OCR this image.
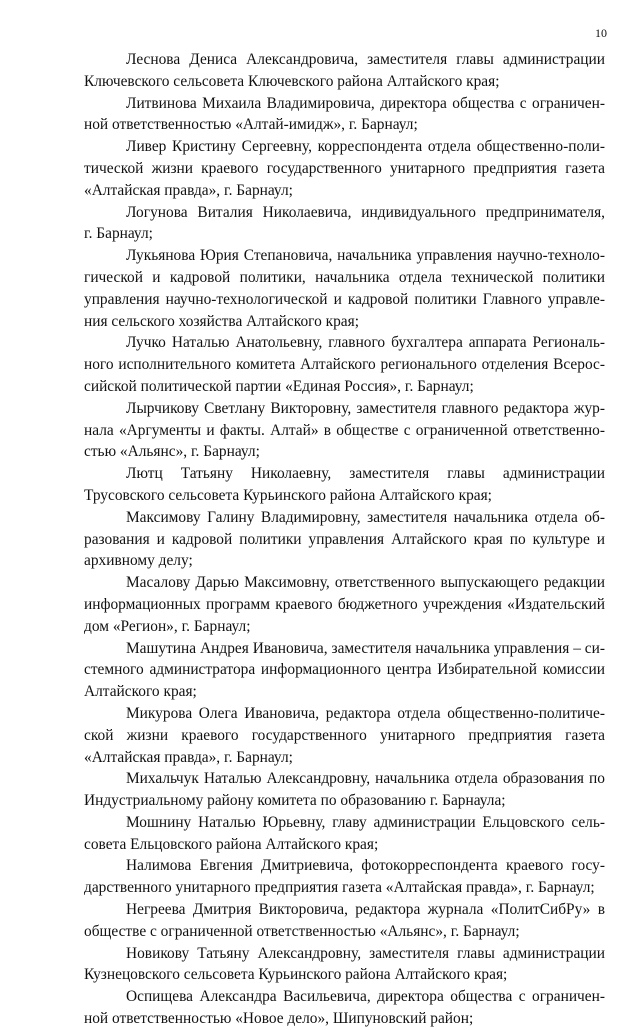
10
Леснова Дениса Александровича, заместителя главы администрации
Ключевского сельсовета Ключевского района Алтайского края;
Литвинова Михаила Владимировича, директора общества с ограничен-
ной ответственностью «Алтай-имидж», г. Барнаул;
Ливер Кристину Сергеевну, корреспондента отдела общественно-поли-
тической жизни краевого государственного унитарного предприятия газета
«Алтайская правда», г. Барнаул;
Логунова Виталия Николаевича, индивидуального предпринимателя,
г. Барнаул;
Лукьянова Юрия Степановича, начальника управления научно-техноло-
гической и кадровой политики, начальника отдела технической политики
управления научно-технологической и кадровой политики Главного управле-
ния сельского хозяйства Алтайского края;
Лучко Наталью Анатольевну, главного бухгалтера аппарата Региональ-
ного исполнительного комитета Алтайского регионального отделения Всерос-
сийской политической партии «Единая Россия», г. Барнаул;
Лырчикову Светлану Викторовну, заместителя главного редактора жур-
нала «Аргументы и факты. Алтай» в обществе с ограниченной ответственно-
стью «Альянс», г. Барнаул;
Лютц Татьяну Николаевну, заместителя главы администрации
Трусовского сельсовета Курьинского района Алтайского края;
Максимову Галину Владимировну, заместителя начальника отдела об-
разования и кадровой политики управления Алтайского края по культуре и
архивному делу;
Масалову Дарью Максимовну, ответственного выпускающего редакции
информационных программ краевого бюджетного учреждения «Издательский
дом «Регион», г. Барнаул;
Машутина Андрея Ивановича, заместителя начальника управления – си-
стемного администратора информационного центра Избирательной комиссии
Алтайского края;
Микурова Олега Ивановича, редактора отдела общественно-политиче-
ской жизни краевого государственного унитарного предприятия газета
«Алтайская правда», г. Барнаул;
Михальчук Наталью Александровну, начальника отдела образования по
Индустриальному району комитета по образованию г. Барнаула;
Мошнину Наталью Юрьевну, главу администрации Ельцовского сель-
совета Ельцовского района Алтайского края;
Налимова Евгения Дмитриевича, фотокорреспондента краевого госу-
дарственного унитарного предприятия газета «Алтайская правда», г. Барнаул;
Негреева Дмитрия Викторовича, редактора журнала «ПолитСибРу» в
обществе с ограниченной ответственностью «Альянс», г. Барнаул;
Новикову Татьяну Александровну, заместителя главы администрации
Кузнецовского сельсовета Курьинского района Алтайского края;
Оспищева Александра Васильевича, директора общества с ограничен-
ной ответственностью «Новое дело», Шипуновский район;
